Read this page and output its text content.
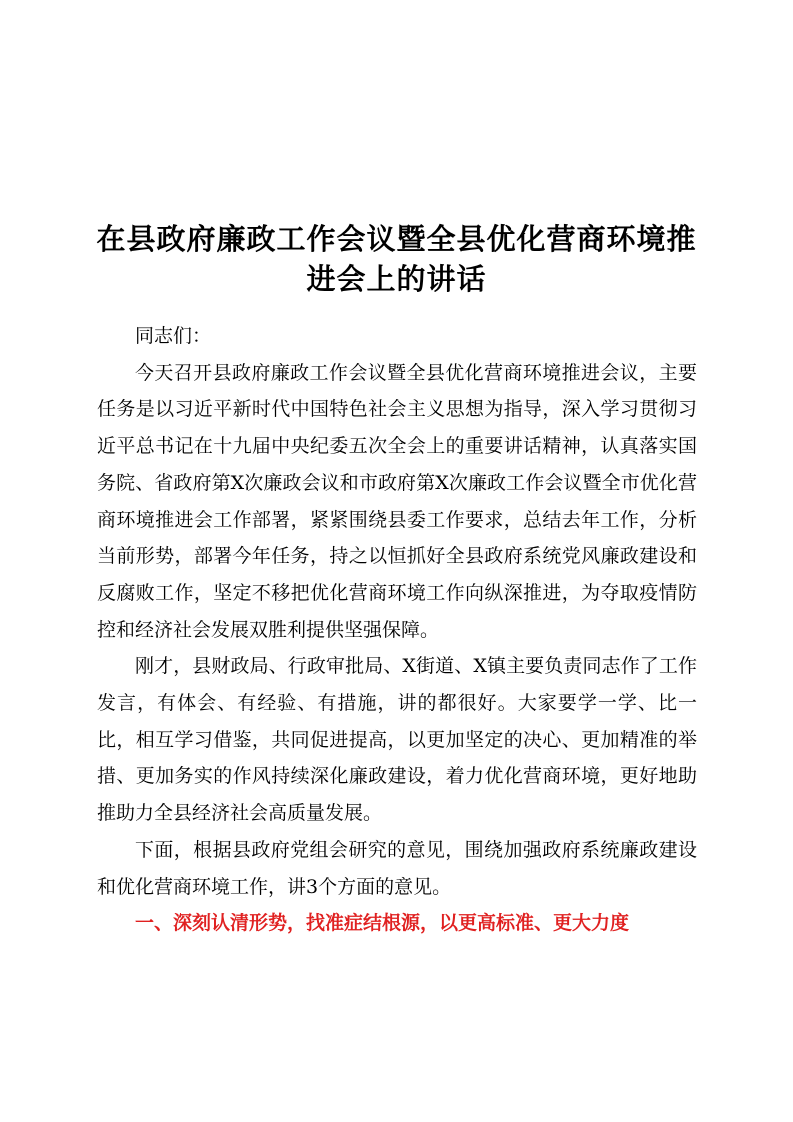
在县政府廉政工作会议暨全县优化营商环境推
进会上的讲话

同志们：

今天召开县政府廉政工作会议暨全县优化营商环境推进会议，主要任务是以习近平新时代中国特色社会主义思想为指导，深入学习贯彻习近平总书记在十九届中央纪委五次全会上的重要讲话精神，认真落实国务院、省政府第X次廉政会议和市政府第X次廉政工作会议暨全市优化营商环境推进会工作部署，紧紧围绕县委工作要求，总结去年工作，分析当前形势，部署今年任务，持之以恒抓好全县政府系统党风廉政建设和反腐败工作，坚定不移把优化营商环境工作向纵深推进，为夺取疫情防控和经济社会发展双胜利提供坚强保障。

刚才，县财政局、行政审批局、X街道、X镇主要负责同志作了工作发言，有体会、有经验、有措施，讲的都很好。大家要学一学、比一比，相互学习借鉴，共同促进提高，以更加坚定的决心、更加精准的举措、更加务实的作风持续深化廉政建设，着力优化营商环境，更好地助推助力全县经济社会高质量发展。

下面，根据县政府党组会研究的意见，围绕加强政府系统廉政建设和优化营商环境工作，讲3个方面的意见。

一、深刻认清形势，找准症结根源，以更高标准、更大力度
